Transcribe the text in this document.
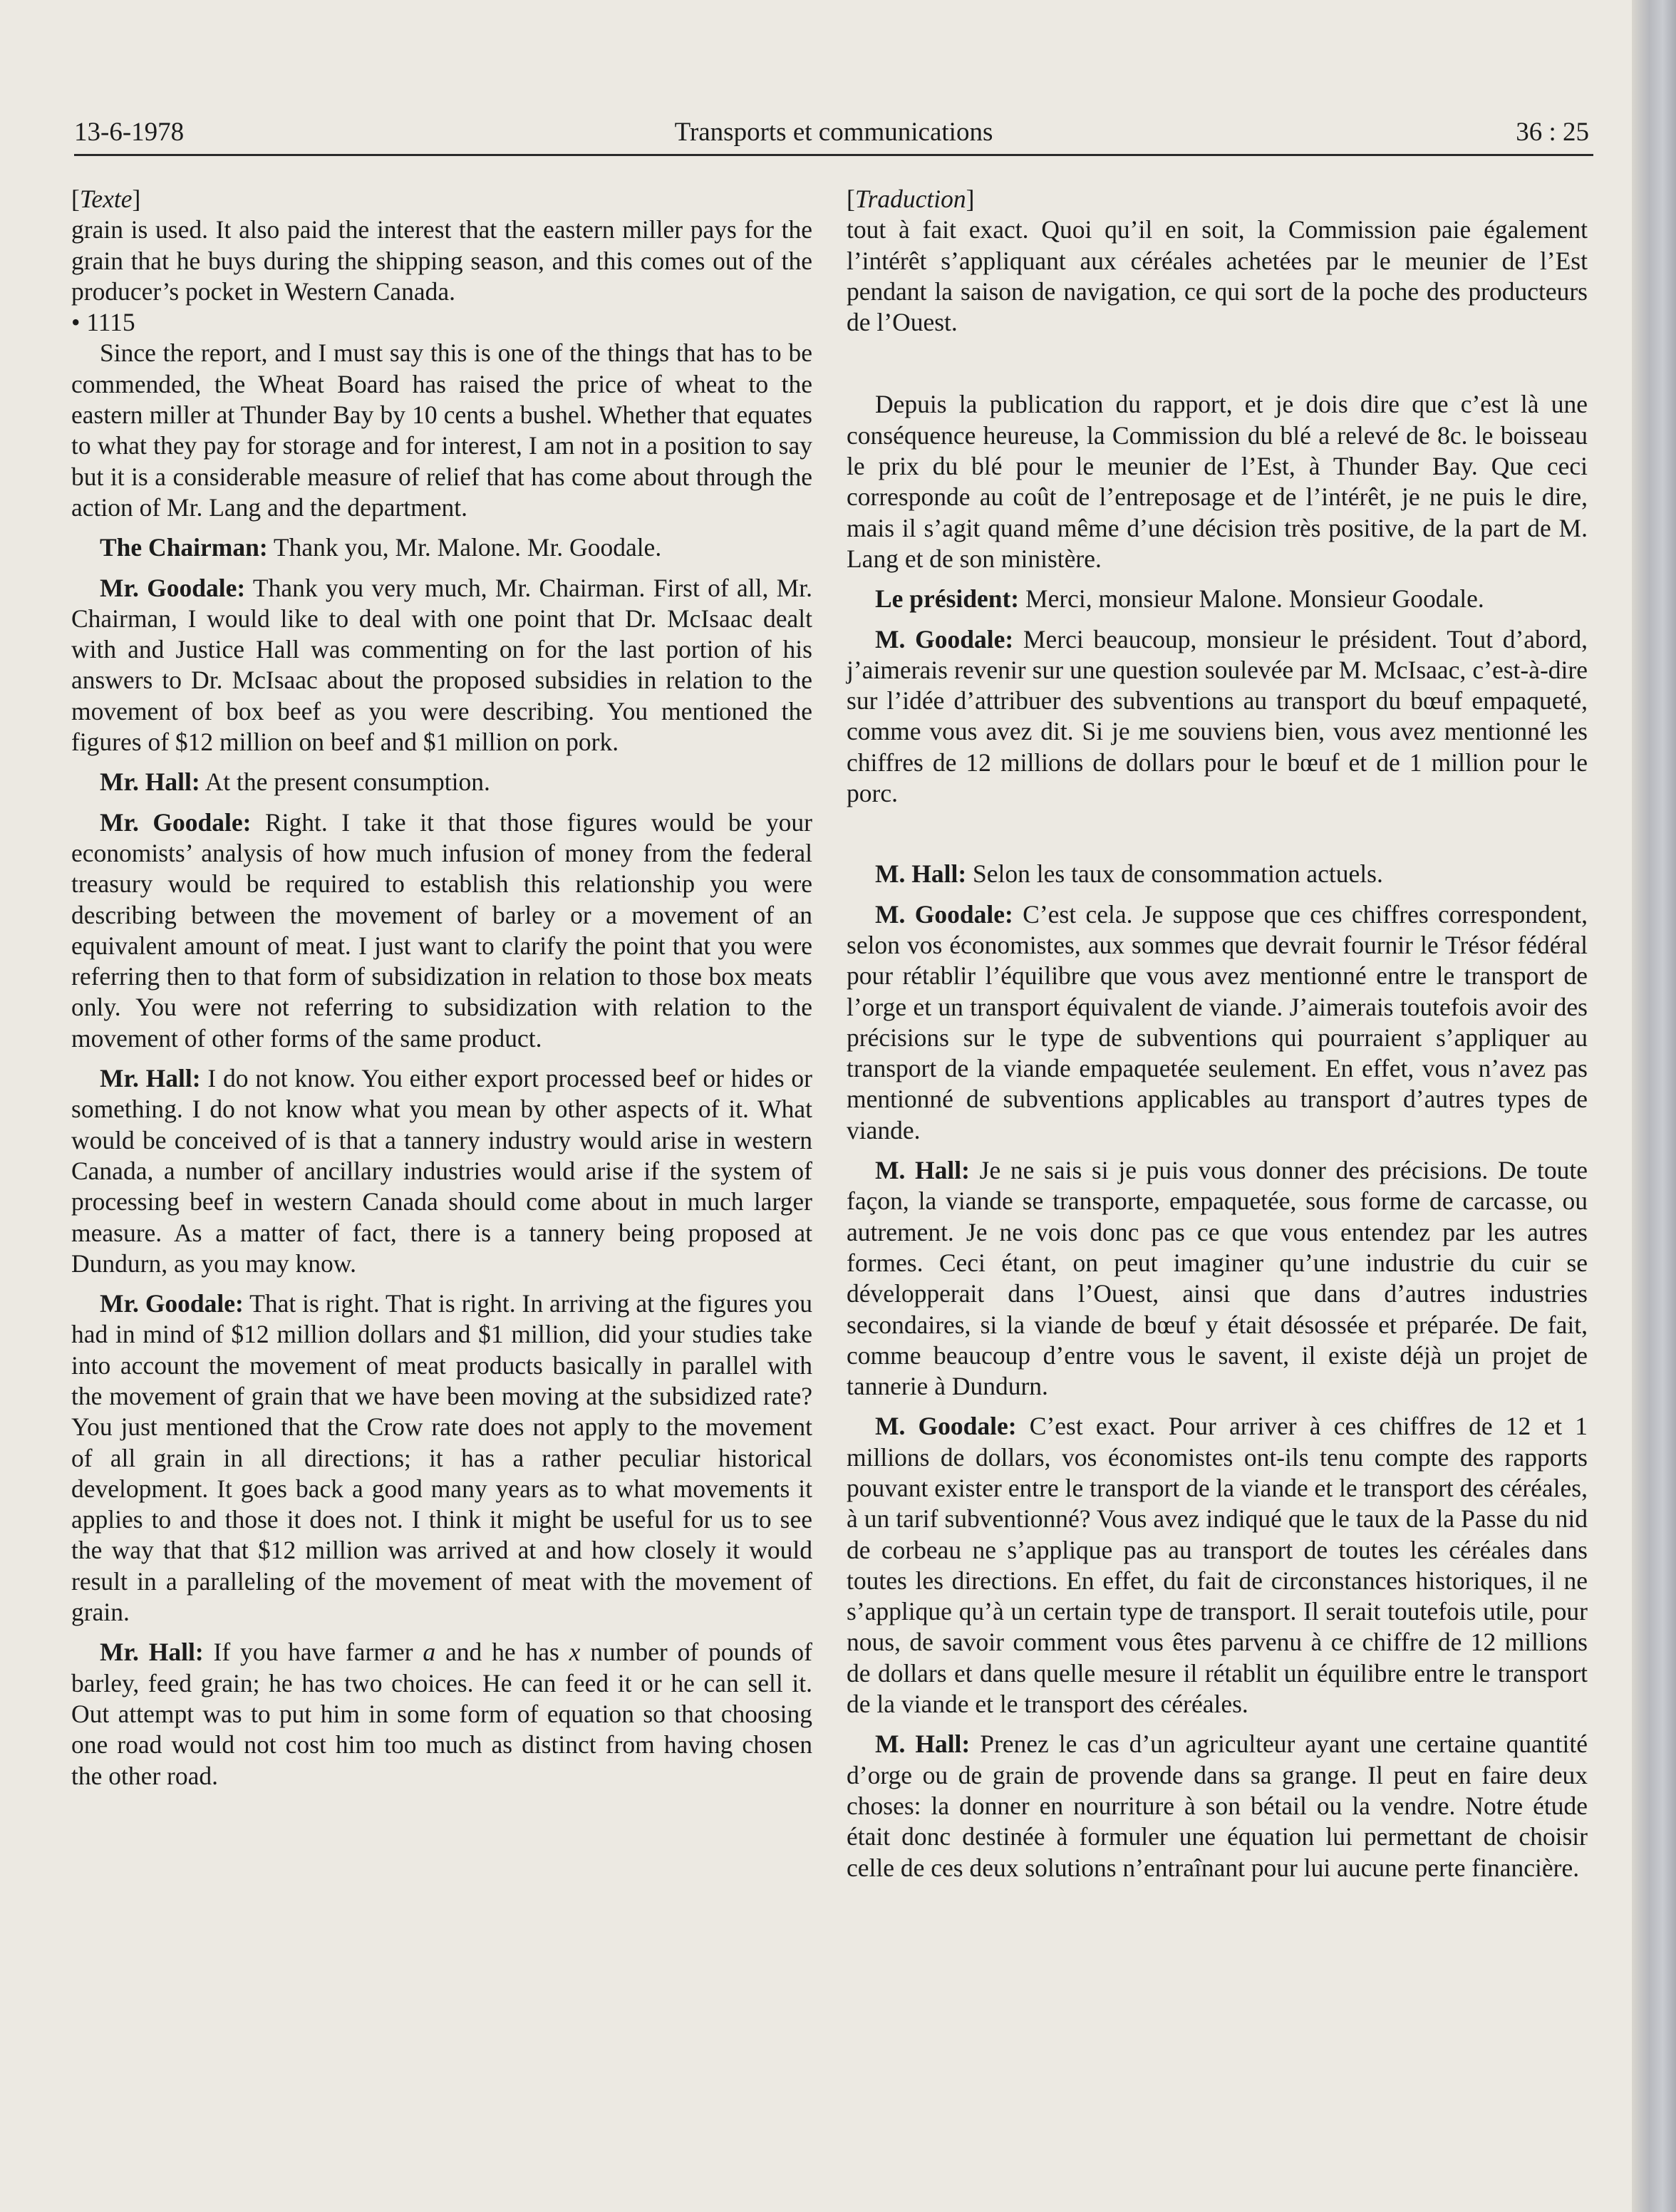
13-6-1978	Transports et communications	36 : 25

[Texte]

grain is used. It also paid the interest that the eastern miller pays for the grain that he buys during the shipping season, and this comes out of the producer’s pocket in Western Canada.

• 1115

Since the report, and I must say this is one of the things that has to be commended, the Wheat Board has raised the price of wheat to the eastern miller at Thunder Bay by 10 cents a bushel. Whether that equates to what they pay for storage and for interest, I am not in a position to say but it is a considerable measure of relief that has come about through the action of Mr. Lang and the department.

The Chairman: Thank you, Mr. Malone. Mr. Goodale.

Mr. Goodale: Thank you very much, Mr. Chairman. First of all, Mr. Chairman, I would like to deal with one point that Dr. McIsaac dealt with and Justice Hall was commenting on for the last portion of his answers to Dr. McIsaac about the proposed subsidies in relation to the movement of box beef as you were describing. You mentioned the figures of $12 million on beef and $1 million on pork.

Mr. Hall: At the present consumption.

Mr. Goodale: Right. I take it that those figures would be your economists’ analysis of how much infusion of money from the federal treasury would be required to establish this relationship you were describing between the movement of barley or a movement of an equivalent amount of meat. I just want to clarify the point that you were referring then to that form of subsidization in relation to those box meats only. You were not referring to subsidization with relation to the movement of other forms of the same product.

Mr. Hall: I do not know. You either export processed beef or hides or something. I do not know what you mean by other aspects of it. What would be conceived of is that a tannery industry would arise in western Canada, a number of ancillary industries would arise if the system of processing beef in western Canada should come about in much larger measure. As a matter of fact, there is a tannery being proposed at Dundurn, as you may know.

Mr. Goodale: That is right. That is right. In arriving at the figures you had in mind of $12 million dollars and $1 million, did your studies take into account the movement of meat products basically in parallel with the movement of grain that we have been moving at the subsidized rate? You just mentioned that the Crow rate does not apply to the movement of all grain in all directions; it has a rather peculiar historical development. It goes back a good many years as to what movements it applies to and those it does not. I think it might be useful for us to see the way that that $12 million was arrived at and how closely it would result in a paralleling of the movement of meat with the movement of grain.

Mr. Hall: If you have farmer a and he has x number of pounds of barley, feed grain; he has two choices. He can feed it or he can sell it. Out attempt was to put him in some form of equation so that choosing one road would not cost him too much as distinct from having chosen the other road.

[Traduction]

tout à fait exact. Quoi qu’il en soit, la Commission paie également l’intérêt s’appliquant aux céréales achetées par le meunier de l’Est pendant la saison de navigation, ce qui sort de la poche des producteurs de l’Ouest.

Depuis la publication du rapport, et je dois dire que c’est là une conséquence heureuse, la Commission du blé a relevé de 8c. le boisseau le prix du blé pour le meunier de l’Est, à Thunder Bay. Que ceci corresponde au coût de l’entreposage et de l’intérêt, je ne puis le dire, mais il s’agit quand même d’une décision très positive, de la part de M. Lang et de son ministère.

Le président: Merci, monsieur Malone. Monsieur Goodale.

M. Goodale: Merci beaucoup, monsieur le président. Tout d’abord, j’aimerais revenir sur une question soulevée par M. McIsaac, c’est-à-dire sur l’idée d’attribuer des subventions au transport du bœuf empaqueté, comme vous avez dit. Si je me souviens bien, vous avez mentionné les chiffres de 12 millions de dollars pour le bœuf et de 1 million pour le porc.

M. Hall: Selon les taux de consommation actuels.

M. Goodale: C’est cela. Je suppose que ces chiffres correspondent, selon vos économistes, aux sommes que devrait fournir le Trésor fédéral pour rétablir l’équilibre que vous avez mentionné entre le transport de l’orge et un transport équivalent de viande. J’aimerais toutefois avoir des précisions sur le type de subventions qui pourraient s’appliquer au transport de la viande empaquetée seulement. En effet, vous n’avez pas mentionné de subventions applicables au transport d’autres types de viande.

M. Hall: Je ne sais si je puis vous donner des précisions. De toute façon, la viande se transporte, empaquetée, sous forme de carcasse, ou autrement. Je ne vois donc pas ce que vous entendez par les autres formes. Ceci étant, on peut imaginer qu’une industrie du cuir se développerait dans l’Ouest, ainsi que dans d’autres industries secondaires, si la viande de bœuf y était désossée et préparée. De fait, comme beaucoup d’entre vous le savent, il existe déjà un projet de tannerie à Dundurn.

M. Goodale: C’est exact. Pour arriver à ces chiffres de 12 et 1 millions de dollars, vos économistes ont-ils tenu compte des rapports pouvant exister entre le transport de la viande et le transport des céréales, à un tarif subventionné? Vous avez indiqué que le taux de la Passe du nid de corbeau ne s’applique pas au transport de toutes les céréales dans toutes les directions. En effet, du fait de circonstances historiques, il ne s’applique qu’à un certain type de transport. Il serait toutefois utile, pour nous, de savoir comment vous êtes parvenu à ce chiffre de 12 millions de dollars et dans quelle mesure il rétablit un équilibre entre le transport de la viande et le transport des céréales.

M. Hall: Prenez le cas d’un agriculteur ayant une certaine quantité d’orge ou de grain de provende dans sa grange. Il peut en faire deux choses: la donner en nourriture à son bétail ou la vendre. Notre étude était donc destinée à formuler une équation lui permettant de choisir celle de ces deux solutions n’entraînant pour lui aucune perte financière.
